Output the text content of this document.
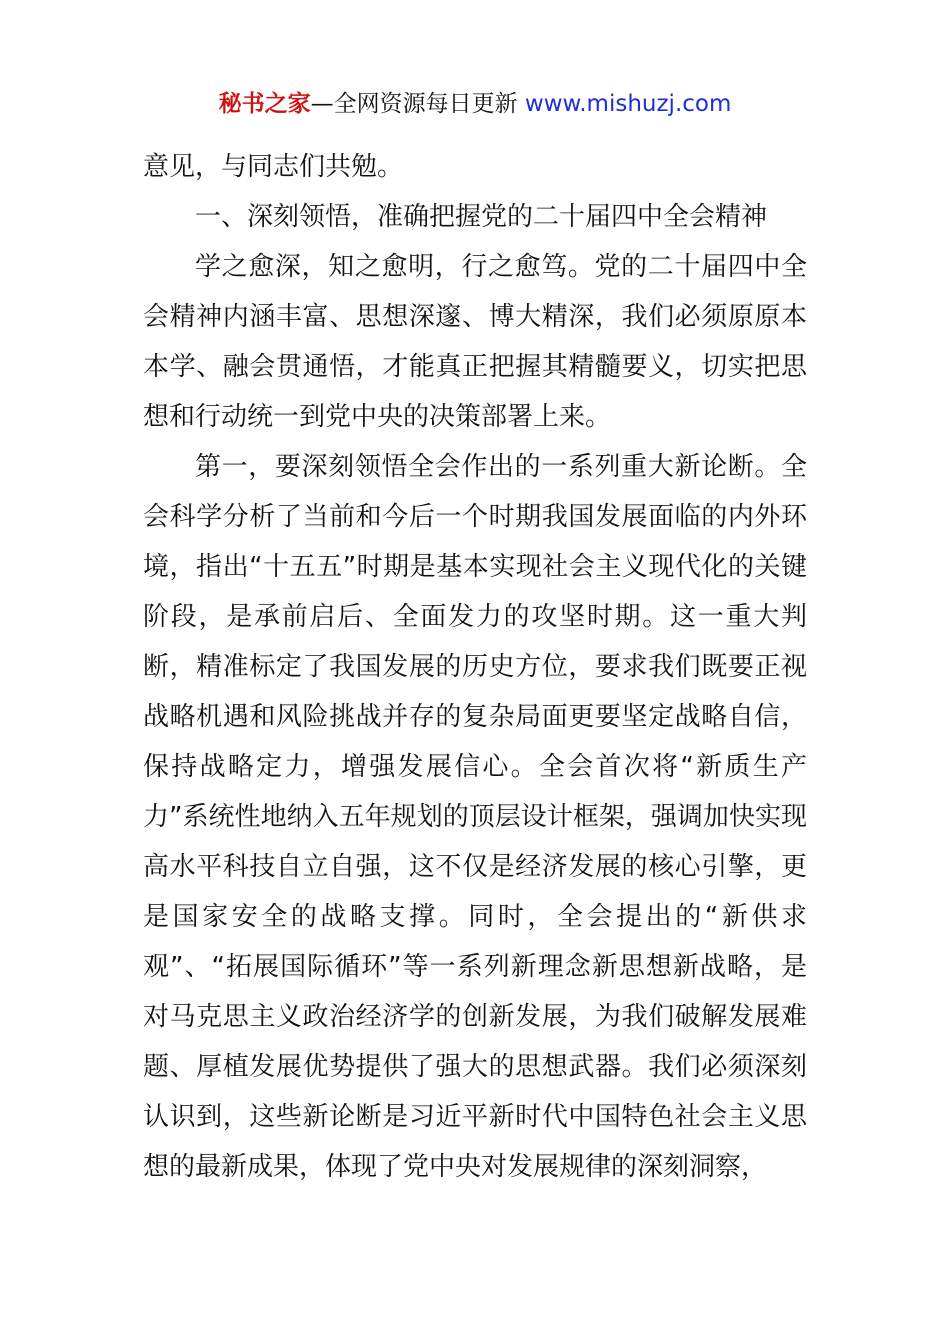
秘书之家—全网资源每日更新 www.mishuzj.com

意见，与同志们共勉。

一、深刻领悟，准确把握党的二十届四中全会精神

学之愈深，知之愈明，行之愈笃。党的二十届四中全会精神内涵丰富、思想深邃、博大精深，我们必须原原本本学、融会贯通悟，才能真正把握其精髓要义，切实把思想和行动统一到党中央的决策部署上来。

第一，要深刻领悟全会作出的一系列重大新论断。全会科学分析了当前和今后一个时期我国发展面临的内外环境，指出“十五五”时期是基本实现社会主义现代化的关键阶段，是承前启后、全面发力的攻坚时期。这一重大判断，精准标定了我国发展的历史方位，要求我们既要正视战略机遇和风险挑战并存的复杂局面更要坚定战略自信，保持战略定力，增强发展信心。全会首次将“新质生产力”系统性地纳入五年规划的顶层设计框架，强调加快实现高水平科技自立自强，这不仅是经济发展的核心引擎，更是国家安全的战略支撑。同时，全会提出的“新供求观”、“拓展国际循环”等一系列新理念新思想新战略，是对马克思主义政治经济学的创新发展，为我们破解发展难题、厚植发展优势提供了强大的思想武器。我们必须深刻认识到，这些新论断是习近平新时代中国特色社会主义思想的最新成果，体现了党中央对发展规律的深刻洞察，
